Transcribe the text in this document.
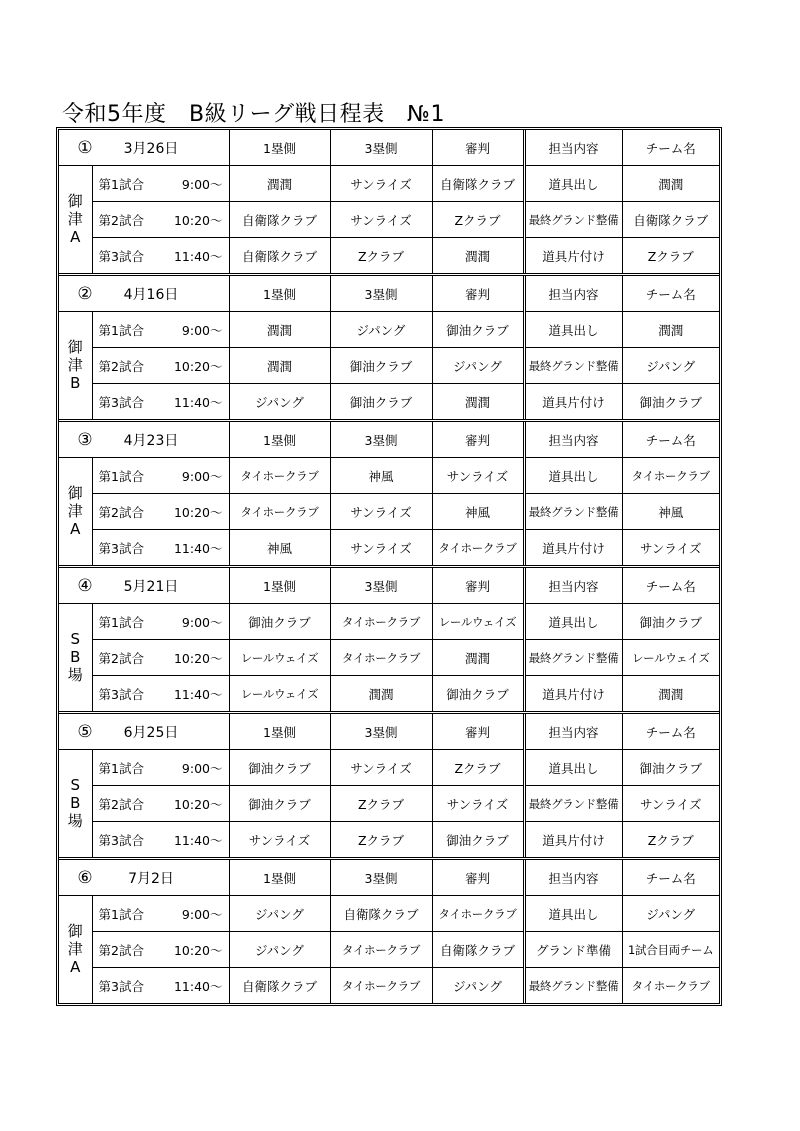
令和5年度　B級リーグ戦日程表　№1
① 3月26日		1塁側	3塁側	審判	担当内容	チーム名

御
津
A	第1試合 9:00～	潤潤	サンライズ	自衛隊クラブ	道具出し	潤潤
	第2試合 10:20～	自衛隊クラブ	サンライズ	Zクラブ	最終グランド整備	自衛隊クラブ
	第3試合 11:40～	自衛隊クラブ	Zクラブ	潤潤	道具片付け	Zクラブ
② 4月16日		1塁側	3塁側	審判	担当内容	チーム名

御
津
B	第1試合 9:00～	潤潤	ジパング	御油クラブ	道具出し	潤潤
	第2試合 10:20～	潤潤	御油クラブ	ジパング	最終グランド整備	ジパング
	第3試合 11:40～	ジパング	御油クラブ	潤潤	道具片付け	御油クラブ
③ 4月23日		1塁側	3塁側	審判	担当内容	チーム名

御
津
A	第1試合 9:00～	タイホークラブ	神風	サンライズ	道具出し	タイホークラブ
	第2試合 10:20～	タイホークラブ	サンライズ	神風	最終グランド整備	神風
	第3試合 11:40～	神風	サンライズ	タイホークラブ	道具片付け	サンライズ
④ 5月21日		1塁側	3塁側	審判	担当内容	チーム名

S
B
場	第1試合 9:00～	御油クラブ	タイホークラブ	レールウェイズ	道具出し	御油クラブ
	第2試合 10:20～	レールウェイズ	タイホークラブ	潤潤	最終グランド整備	レールウェイズ
	第3試合 11:40～	レールウェイズ	潤潤	御油クラブ	道具片付け	潤潤
⑤ 6月25日		1塁側	3塁側	審判	担当内容	チーム名

S
B
場	第1試合 9:00～	御油クラブ	サンライズ	Zクラブ	道具出し	御油クラブ
	第2試合 10:20～	御油クラブ	Zクラブ	サンライズ	最終グランド整備	サンライズ
	第3試合 11:40～	サンライズ	Zクラブ	御油クラブ	道具片付け	Zクラブ
⑥ 7月2日		1塁側	3塁側	審判	担当内容	チーム名

御
津
A	第1試合 9:00～	ジパング	自衛隊クラブ	タイホークラブ	道具出し	ジパング
	第2試合 10:20～	ジパング	タイホークラブ	自衛隊クラブ	グランド準備	1試合目両チーム
	第3試合 11:40～	自衛隊クラブ	タイホークラブ	ジパング	最終グランド整備	タイホークラブ
